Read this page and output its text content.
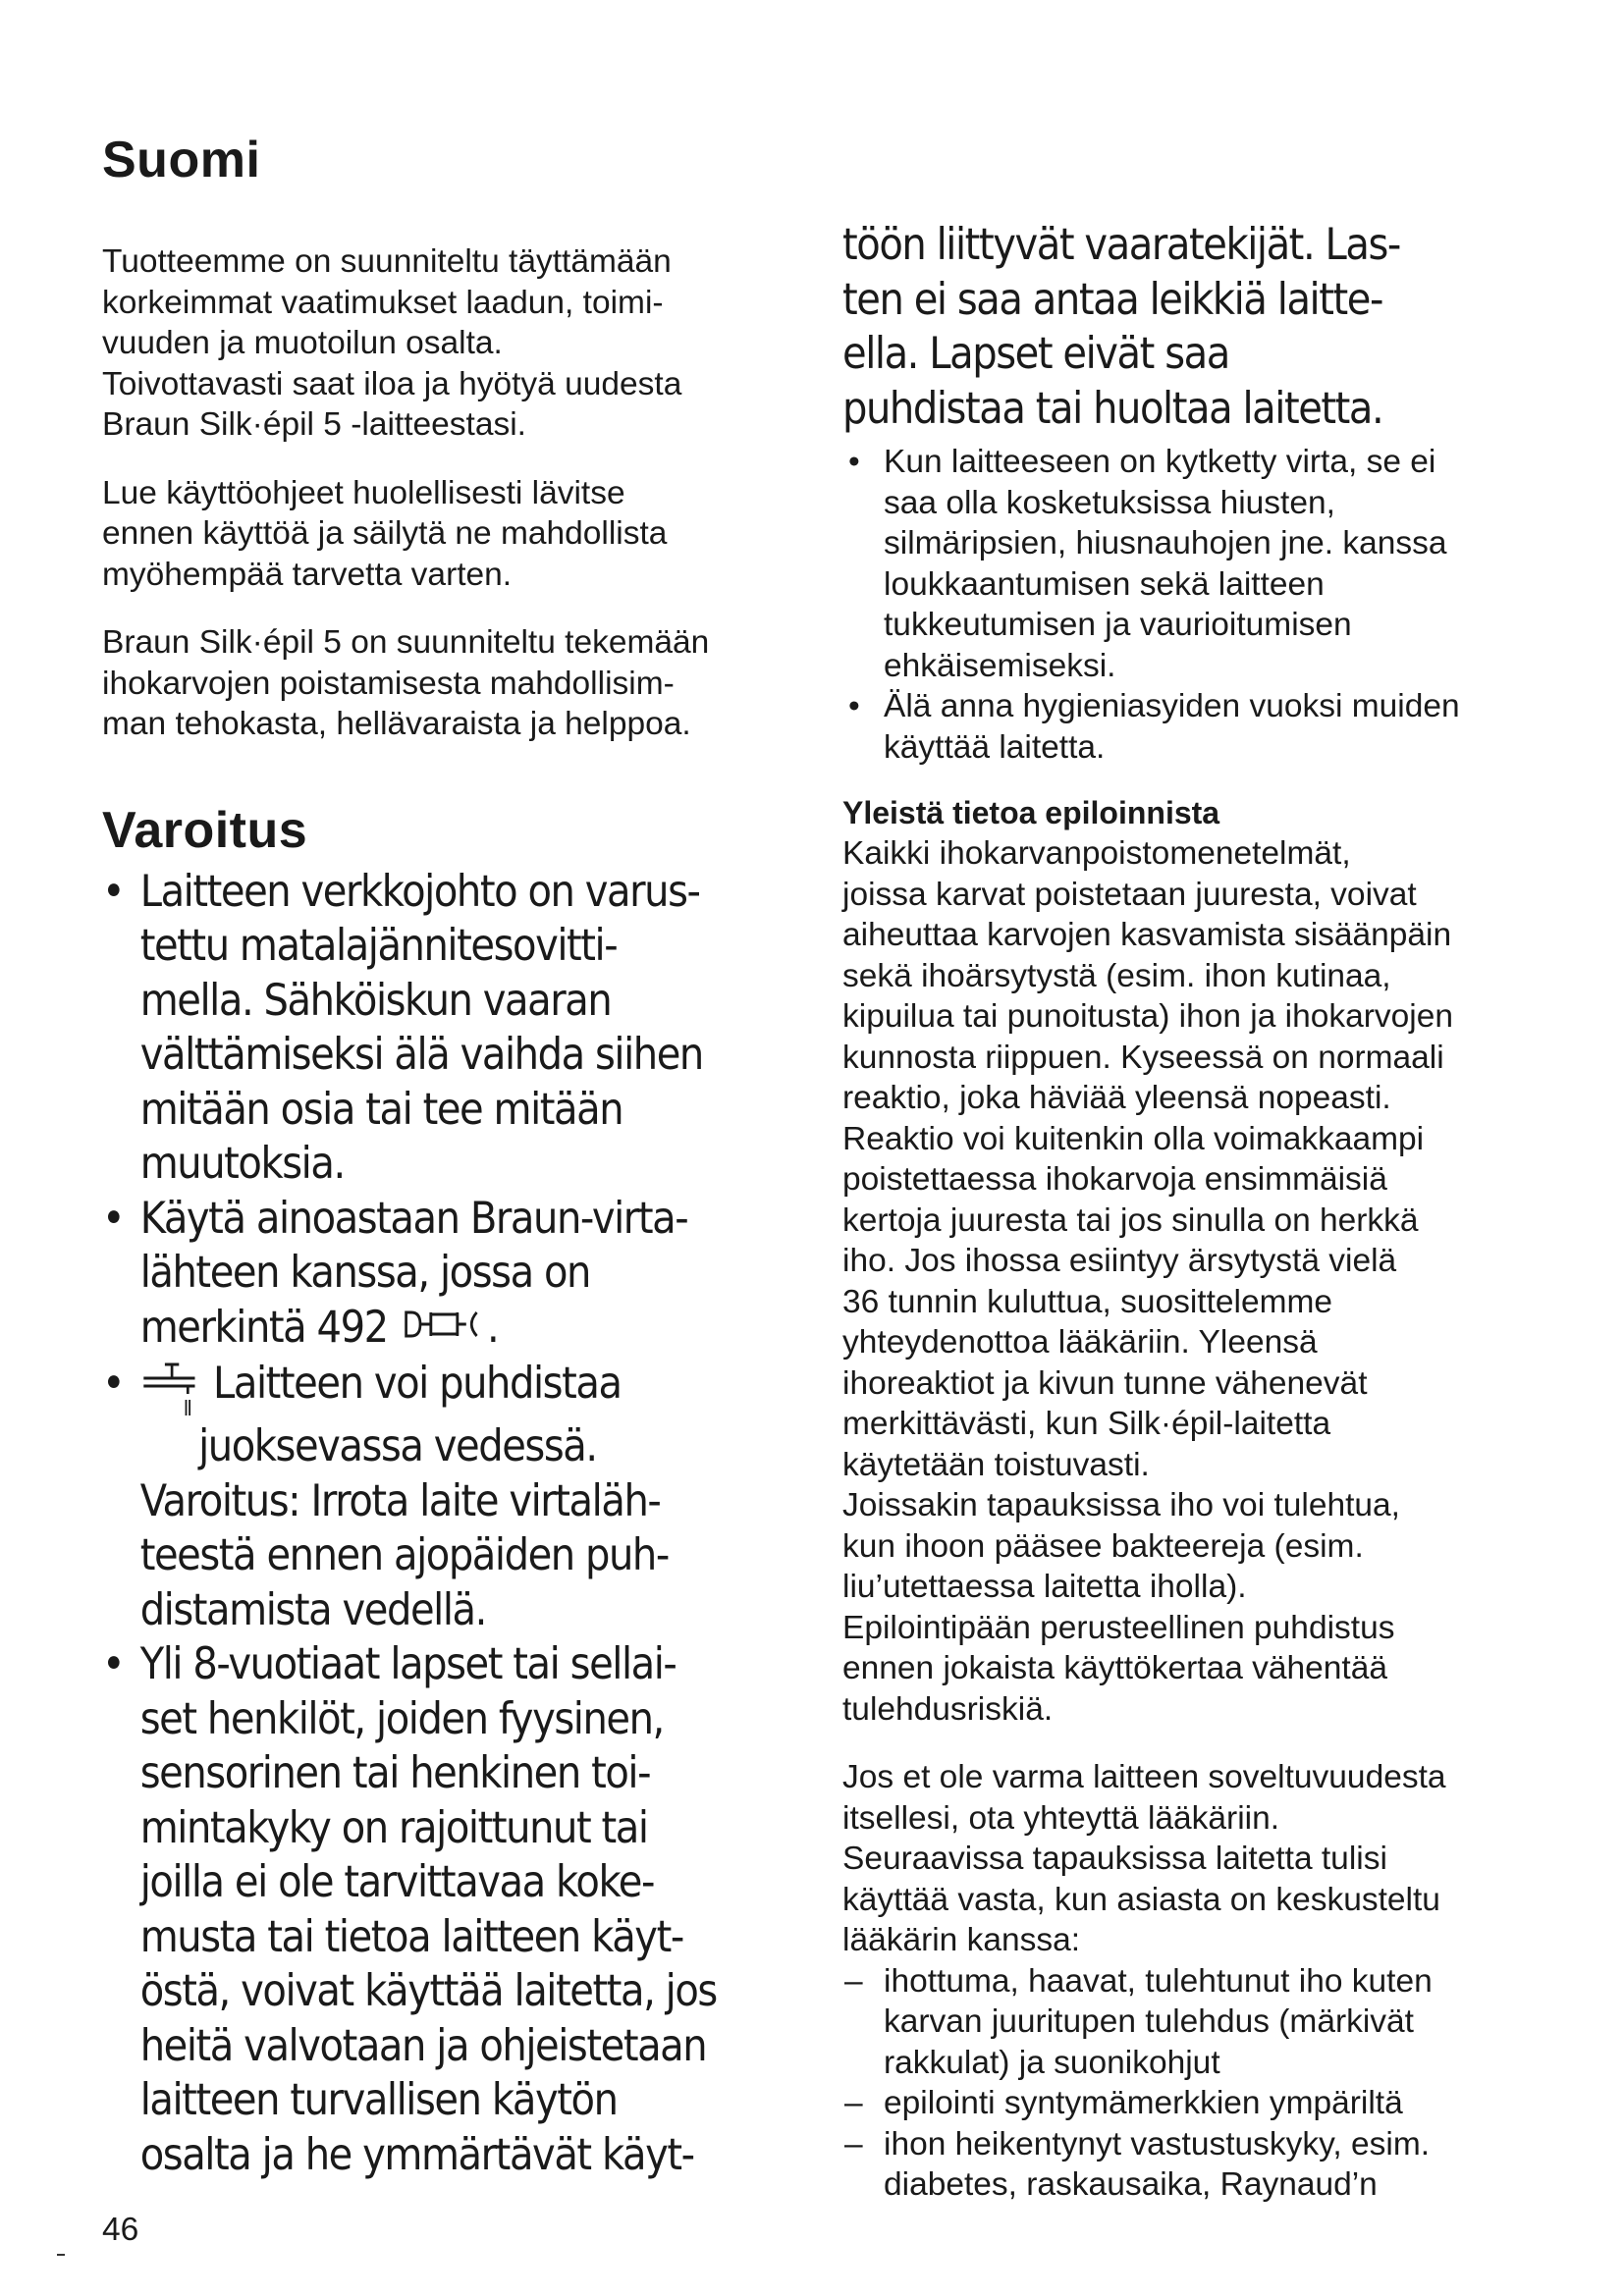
Suomi

Tuotteemme on suunniteltu täyttämään

korkeimmat vaatimukset laadun, toimi-

vuuden ja muotoilun osalta.

Toivottavasti saat iloa ja hyötyä uudesta

Braun Silk·épil 5 -laitteestasi.

Lue käyttöohjeet huolellisesti lävitse

ennen käyttöä ja säilytä ne mahdollista

myöhempää tarvetta varten.

Braun Silk·épil 5 on suunniteltu tekemään

ihokarvojen poistamisesta mahdollisim-

man tehokasta, hellävaraista ja helppoa.

Varoitus
• Laitteen verkkojohto on varus-
tettu matalajännitesovitti-
mella. Sähköiskun vaaran
välttämiseksi älä vaihda siihen
mitään osia tai tee mitään
muutoksia.
• Käytä ainoastaan Braun-virta-
lähteen kanssa, jossa on
merkintä 492 .
•	Laitteen voi puhdistaa
juoksevassa vedessä.
Varoitus: Irrota laite virtaläh-
teestä ennen ajopäiden puh-
distamista vedellä.
• Yli 8-vuotiaat lapset tai sellai-
set henkilöt, joiden fyysinen,
sensorinen tai henkinen toi-
mintakyky on rajoittunut tai
joilla ei ole tarvittavaa koke-
musta tai tietoa laitteen käyt-
östä, voivat käyttää laitetta, jos
heitä valvotaan ja ohjeistetaan
laitteen turvallisen käytön
osalta ja he ymmärtävät käyt-
töön liittyvät vaaratekijät. Las-
ten ei saa antaa leikkiä laitte-
ella. Lapset eivät saa
puhdistaa tai huoltaa laitetta.
• Kun laitteeseen on kytketty virta, se ei
saa olla kosketuksissa hiusten,
silmäripsien, hiusnauhojen jne. kanssa
loukkaantumisen sekä laitteen
tukkeutumisen ja vaurioitumisen
ehkäisemiseksi.
• Älä anna hygieniasyiden vuoksi muiden
käyttää laitetta.

Yleistä tietoa epiloinnista

Kaikki ihokarvanpoistomenetelmät,

joissa karvat poistetaan juuresta, voivat

aiheuttaa karvojen kasvamista sisäänpäin

sekä ihoärsytystä (esim. ihon kutinaa,

kipuilua tai punoitusta) ihon ja ihokarvojen

kunnosta riippuen. Kyseessä on normaali

reaktio, joka häviää yleensä nopeasti.

Reaktio voi kuitenkin olla voimakkaampi

poistettaessa ihokarvoja ensimmäisiä

kertoja juuresta tai jos sinulla on herkkä

iho. Jos ihossa esiintyy ärsytystä vielä

36 tunnin kuluttua, suosittelemme

yhteydenottoa lääkäriin. Yleensä

ihoreaktiot ja kivun tunne vähenevät

merkittävästi, kun Silk·épil-laitetta

käytetään toistuvasti.

Joissakin tapauksissa iho voi tulehtua,

kun ihoon pääsee bakteereja (esim.

liu’utettaessa laitetta iholla).

Epilointipään perusteellinen puhdistus

ennen jokaista käyttökertaa vähentää

tulehdusriskiä.

Jos et ole varma laitteen soveltuvuudesta

itsellesi, ota yhteyttä lääkäriin.

Seuraavissa tapauksissa laitetta tulisi

käyttää vasta, kun asiasta on keskusteltu

lääkärin kanssa:

– ihottuma, haavat, tulehtunut iho kuten
karvan juuritupen tulehdus (märkivät
rakkulat) ja suonikohjut
– epilointi syntymämerkkien ympäriltä
– ihon heikentynyt vastustuskyky, esim.
diabetes, raskausaika, Raynaud’n
46
